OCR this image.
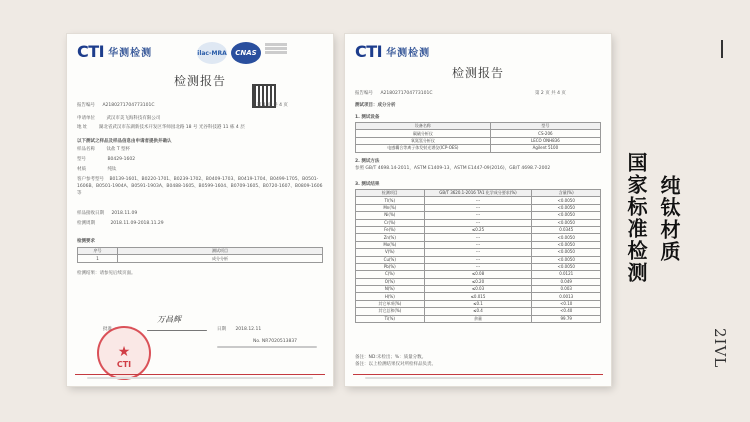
CTI 华测检测	ilac-MRA CNAS
检测报告
报告编号 A2180271704773101C	第 1 页 共 4 页
申请单位	武汉市美飞海科技有限公司
地 址	湖北省武汉市东湖新技术开发区华师园北路 18 号 光谷科技港 11 栋 4 层
以下测试之样品及样品信息由申请者提供并确认
样品名称	钛盐 T 型杯
型号	B0429-1602
材质	纯钛
客户参考型号 B0139-1601、B0220-1701、B0239-1702、B0409-1703、B0419-1704、B0499-1705、B0501-1606B、B0501-1904A、B0591-1903A、B0488-1605、B0599-1604、B0709-1605、B0720-1607、B0809-1606 等
样品接收日期 2018.11.09
检测周期	2018.11.09-2018.11.29
检测要求
序号	测试项目
1	成分分析
检测结果：请参见后续页面。
批准
万昌辉
日期 2018.12.11
No. NR7020513837
★
CTI
CTI 华测检测
检测报告
报告编号 A2180271704773101C	第 2 页 共 4 页
测试项目：成分分析
1. 测试设备
设备名称	型号
碳硫分析仪	CS-206
氧氮氢分析仪	LECO ONH836
电感耦合等离子体发射光谱仪(ICP-OES)	Agilent 5100
2. 测试方法
参照 GB/T 4698.14-2011，ASTM E1409-13，ASTM E1447-09(2016)，GB/T 4698.7-2002
3. 测试结果
检测项目	GB/T 3620.1-2016 TA1 化学成分要求(%)	含量(%)
Tl(%)	---	<0.0050
Mn(%)	---	<0.0050
Ni(%)	---	<0.0050
Cr(%)	---	<0.0050
Fe(%)	≤0.25	0.0345
Zn(%)	---	<0.0050
Mo(%)	---	<0.0050
V(%)	---	<0.0050
Cu(%)	---	<0.0050
Pb(%)	---	<0.0050
C(%)	≤0.08	0.0121
O(%)	≤0.20	0.049
N(%)	≤0.03	0.003
H(%)	≤0.015	0.0013
其它单项(%)	≤0.1	<0.10
其它总和(%)	≤0.4	<0.40
Ti(%)	余量	99.79
备注：ND:未检出；%：质量分数。
备注：以上检测结果仅对所检样品负责。
国家标准检测 纯钛材质
2IVL
